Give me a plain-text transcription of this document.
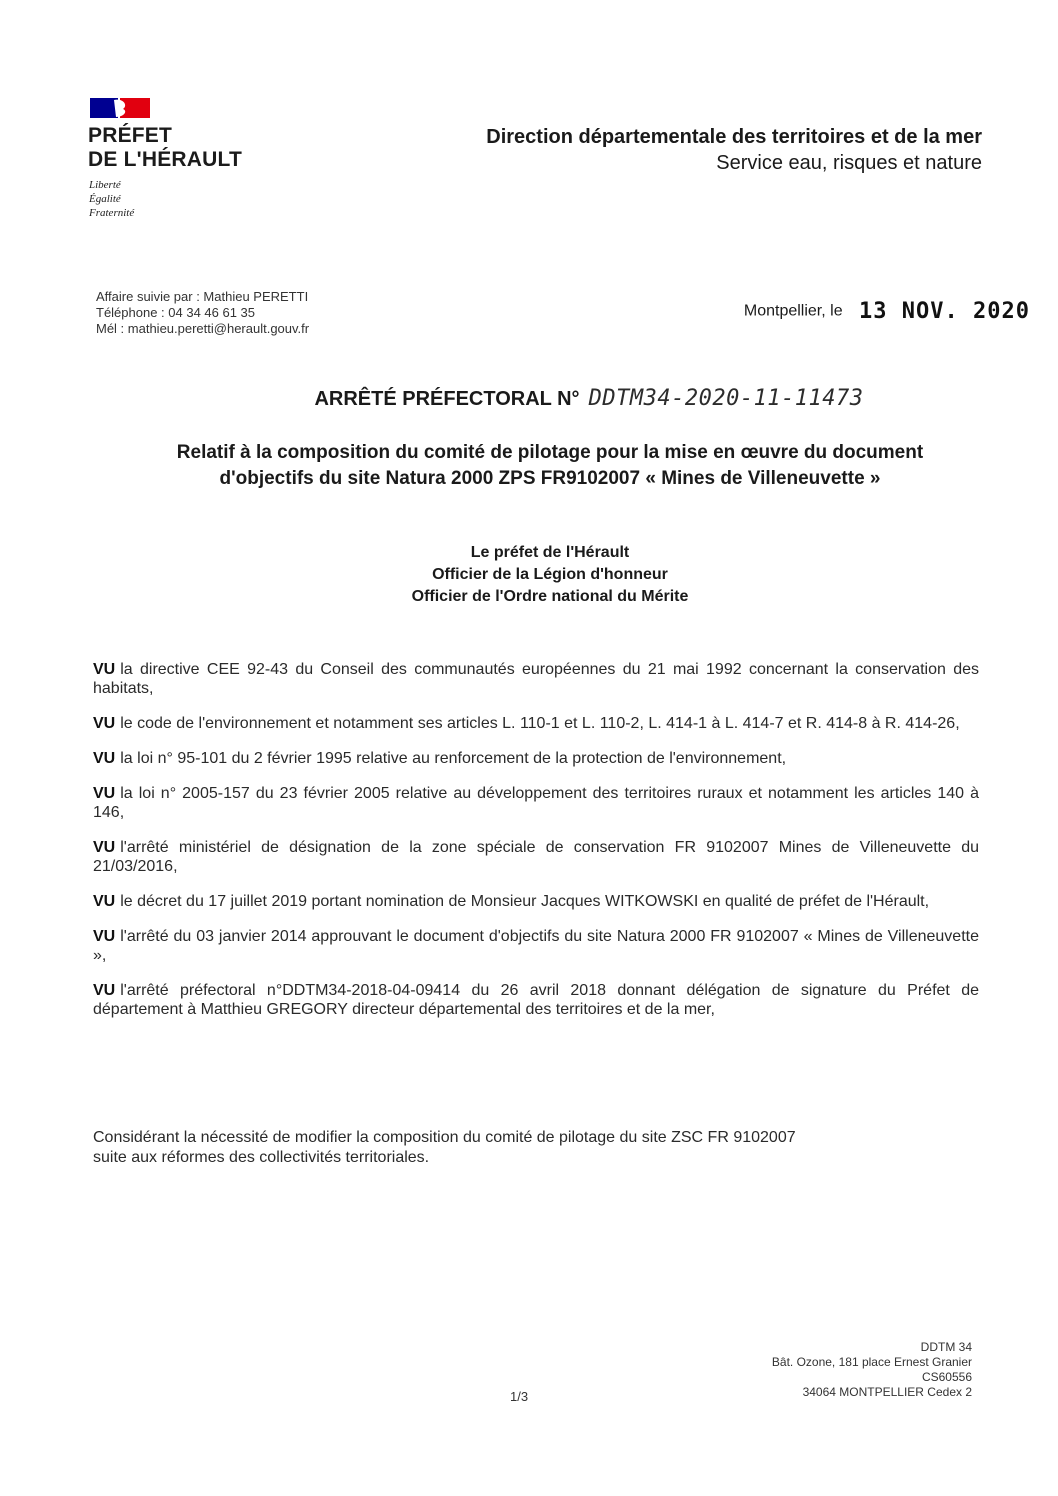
PRÉFET
DE L'HÉRAULT
Liberté
Égalité
Fraternité
Direction départementale des territoires et de la mer
Service eau, risques et nature
Affaire suivie par : Mathieu PERETTI
Téléphone : 04 34 46 61 35
Mél : mathieu.peretti@herault.gouv.fr
Montpellier, le 13 NOV. 2020
ARRÊTÉ PRÉFECTORAL N° DDTM34-2020-11-11473
Relatif à la composition du comité de pilotage pour la mise en œuvre du document
d'objectifs du site Natura 2000 ZPS FR9102007 « Mines de Villeneuvette »
Le préfet de l'Hérault
Officier de la Légion d'honneur
Officier de l'Ordre national du Mérite
VU la directive CEE 92-43 du Conseil des communautés européennes du 21 mai 1992 concernant la conservation des habitats,
VU le code de l'environnement et notamment ses articles L. 110-1 et L. 110-2, L. 414-1 à L. 414-7 et R. 414-8 à R. 414-26,
VU la loi n° 95-101 du 2 février 1995 relative au renforcement de la protection de l'environnement,
VU la loi n° 2005-157 du 23 février 2005 relative au développement des territoires ruraux et notamment les articles 140 à 146,
VU l'arrêté ministériel de désignation de la zone spéciale de conservation FR 9102007 Mines de Villeneuvette du 21/03/2016,
VU le décret du 17 juillet 2019 portant nomination de Monsieur Jacques WITKOWSKI en qualité de préfet de l'Hérault,
VU l'arrêté du 03 janvier 2014 approuvant le document d'objectifs du site Natura 2000 FR 9102007 « Mines de Villeneuvette »,
VU l'arrêté préfectoral n°DDTM34-2018-04-09414 du 26 avril 2018 donnant délégation de signature du Préfet de département à Matthieu GREGORY directeur départemental des territoires et de la mer,
Considérant la nécessité de modifier la composition du comité de pilotage du site ZSC FR 9102007
suite aux réformes des collectivités territoriales.
DDTM 34
Bât. Ozone, 181 place Ernest Granier
CS60556
34064 MONTPELLIER Cedex 2
1/3
